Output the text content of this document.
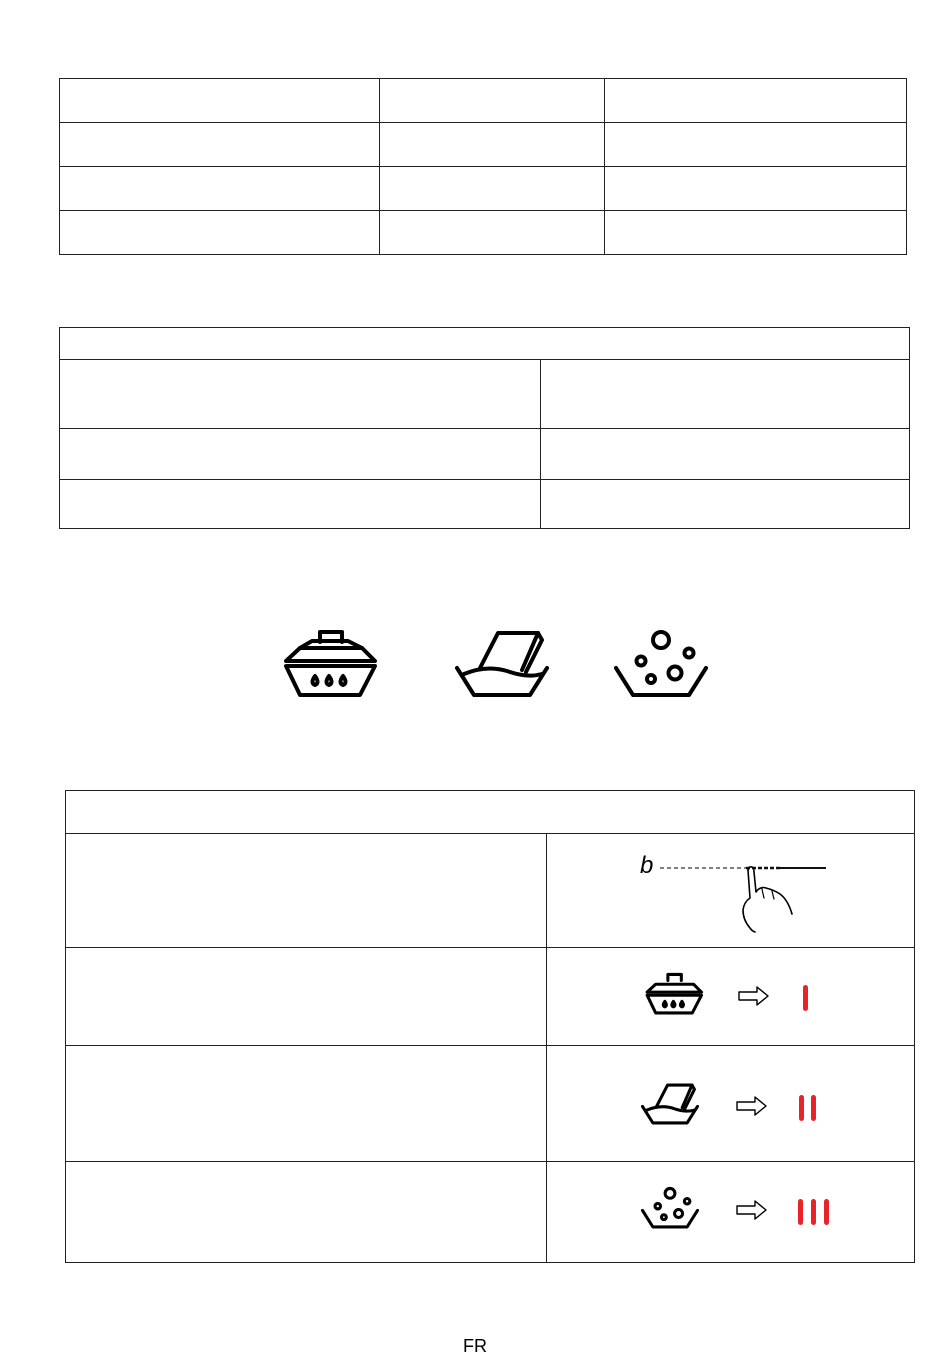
b
FR
